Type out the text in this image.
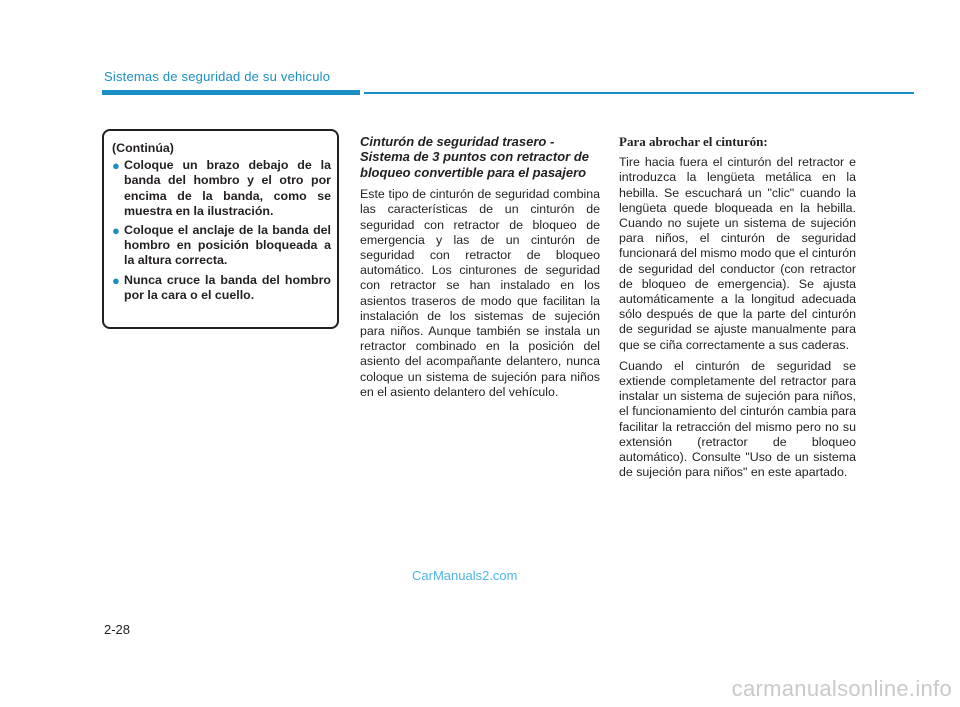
Sistemas de seguridad de su vehiculo
(Continúa)
● Coloque un brazo debajo de la banda del hombro y el otro por encima de la banda, como se muestra en la ilustración.
● Coloque el anclaje de la banda del hombro en posición bloqueada a la altura correcta.
● Nunca cruce la banda del hombro por la cara o el cuello.
Cinturón de seguridad trasero - Sistema de 3 puntos con retractor de bloqueo convertible para el pasajero

Este tipo de cinturón de seguridad combina las características de un cinturón de seguridad con retractor de bloqueo de emergencia y las de un cinturón de seguridad con retractor de bloqueo automático. Los cinturones de seguridad con retractor se han instalado en los asientos traseros de modo que facilitan la instalación de los sistemas de sujeción para niños. Aunque también se instala un retractor combinado en la posición del asiento del acompañante delantero, nunca coloque un sistema de sujeción para niños en el asiento delantero del vehículo.

Para abrochar el cinturón:

Tire hacia fuera el cinturón del retractor e introduzca la lengüeta metálica en la hebilla. Se escuchará un "clic" cuando la lengüeta quede bloqueada en la hebilla. Cuando no sujete un sistema de sujeción para niños, el cinturón de seguridad funcionará del mismo modo que el cinturón de seguridad del conductor (con retractor de bloqueo de emergencia). Se ajusta automáticamente a la longitud adecuada sólo después de que la parte del cinturón de seguridad se ajuste manualmente para que se ciña correctamente a sus caderas.

Cuando el cinturón de seguridad se extiende completamente del retractor para instalar un sistema de sujeción para niños, el funcionamiento del cinturón cambia para facilitar la retracción del mismo pero no su extensión (retractor de bloqueo automático). Consulte "Uso de un sistema de sujeción para niños" en este apartado.

CarManuals2.com
2-28
carmanualsonline.info
